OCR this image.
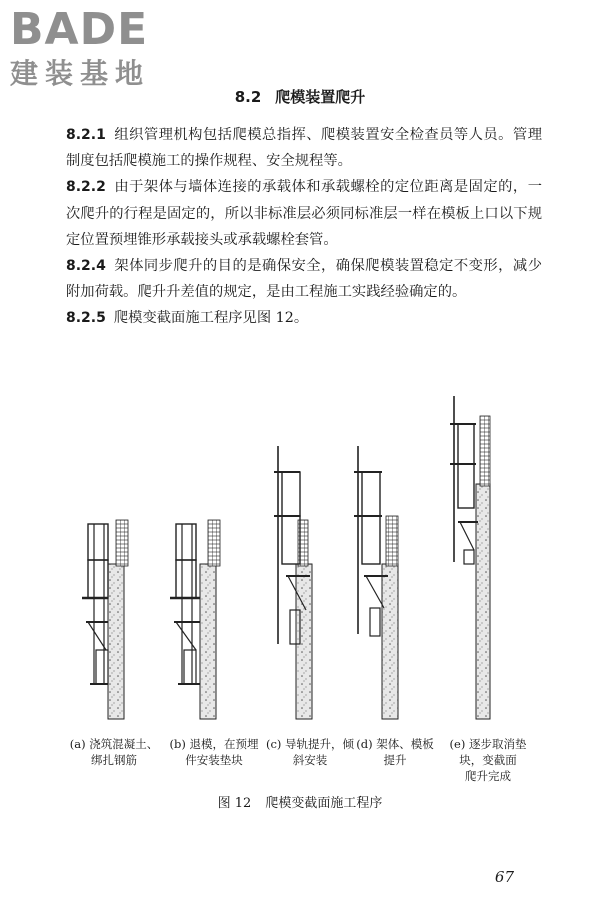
BADE
建装基地
8.2 爬模装置爬升

8.2.1 组织管理机构包括爬模总指挥、爬模装置安全检查员等人员。管理制度包括爬模施工的操作规程、安全规程等。

8.2.2 由于架体与墙体连接的承载体和承载螺栓的定位距离是固定的，一次爬升的行程是固定的，所以非标准层必须同标准层一样在模板上口以下规定位置预埋锥形承载接头或承载螺栓套管。

8.2.4 架体同步爬升的目的是确保安全，确保爬模装置稳定不变形，减少附加荷载。爬升升差值的规定，是由工程施工实践经验确定的。

8.2.5 爬模变截面施工程序见图 12。

(a) 浇筑混凝土、
绑扎钢筋
(b) 退模，在预埋
件安装垫块
(c) 导轨提升，倾
斜安装
(d) 架体、模板
提升
(e) 逐步取消垫
块，变截面
爬升完成
图 12 爬模变截面施工程序
67
